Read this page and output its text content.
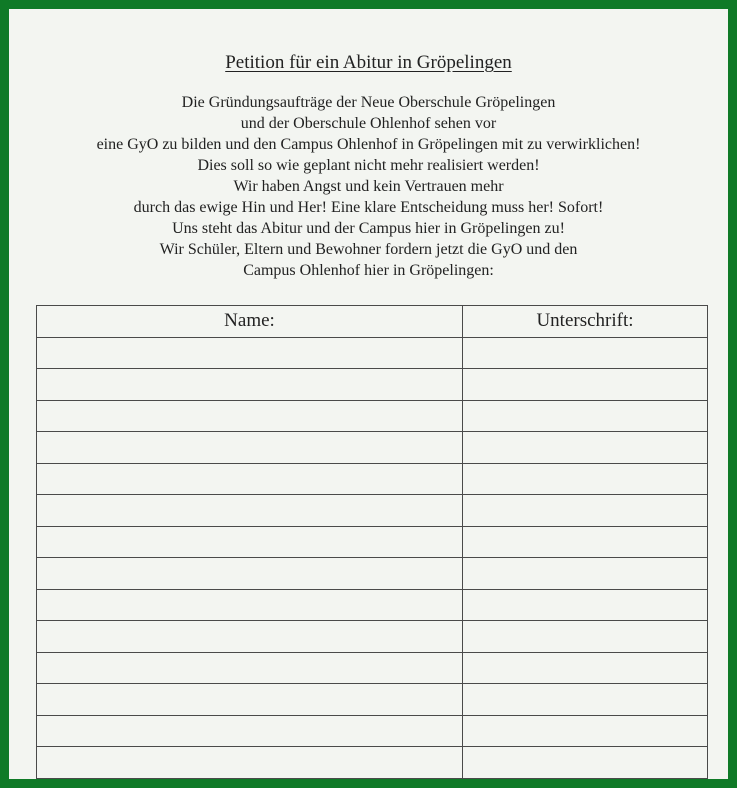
Petition für ein Abitur in Gröpelingen
Die Gründungsaufträge der Neue Oberschule Gröpelingen
und der Oberschule Ohlenhof sehen vor
eine GyO zu bilden und den Campus Ohlenhof in Gröpelingen mit zu verwirklichen!
Dies soll so wie geplant nicht mehr realisiert werden!
Wir haben Angst und kein Vertrauen mehr
durch das ewige Hin und Her! Eine klare Entscheidung muss her! Sofort!
Uns steht das Abitur und der Campus hier in Gröpelingen zu!
Wir Schüler, Eltern und Bewohner fordern jetzt die GyO und den
Campus Ohlenhof hier in Gröpelingen:
Name:	Unterschrift:
